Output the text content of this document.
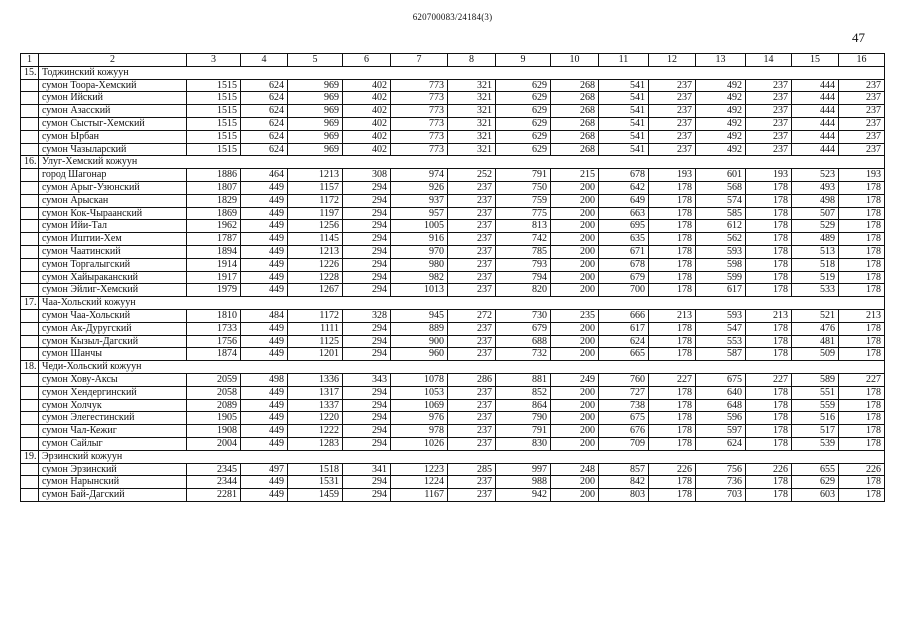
620700083/24184(3)
47
1	2	3	4	5	6	7	8	9	10	11	12	13	14	15	16
15.	Тоджинский кожуун														
	сумон Тоора-Хемский	1515	624	969	402	773	321	629	268	541	237	492	237	444	237
	сумон Ийский	1515	624	969	402	773	321	629	268	541	237	492	237	444	237
	сумон Азасский	1515	624	969	402	773	321	629	268	541	237	492	237	444	237
	сумон Сыстыг-Хемский	1515	624	969	402	773	321	629	268	541	237	492	237	444	237
	сумон Ырбан	1515	624	969	402	773	321	629	268	541	237	492	237	444	237
	сумон Чазыларский	1515	624	969	402	773	321	629	268	541	237	492	237	444	237
16.	Улуг-Хемский кожуун														
	город Шагонар	1886	464	1213	308	974	252	791	215	678	193	601	193	523	193
	сумон Арыг-Узюнский	1807	449	1157	294	926	237	750	200	642	178	568	178	493	178
	сумон Арыскан	1829	449	1172	294	937	237	759	200	649	178	574	178	498	178
	сумон Кок-Чыраанский	1869	449	1197	294	957	237	775	200	663	178	585	178	507	178
	сумон Ийи-Тал	1962	449	1256	294	1005	237	813	200	695	178	612	178	529	178
	сумон Иштии-Хем	1787	449	1145	294	916	237	742	200	635	178	562	178	489	178
	сумон Чаатинский	1894	449	1213	294	970	237	785	200	671	178	593	178	513	178
	сумон Торгалыгский	1914	449	1226	294	980	237	793	200	678	178	598	178	518	178
	сумон Хайыраканский	1917	449	1228	294	982	237	794	200	679	178	599	178	519	178
	сумон Эйлиг-Хемский	1979	449	1267	294	1013	237	820	200	700	178	617	178	533	178
17.	Чаа-Хольский кожуун														
	сумон Чаа-Хольский	1810	484	1172	328	945	272	730	235	666	213	593	213	521	213
	сумон Ак-Дуругский	1733	449	1111	294	889	237	679	200	617	178	547	178	476	178
	сумон Кызыл-Дагский	1756	449	1125	294	900	237	688	200	624	178	553	178	481	178
	сумон Шанчы	1874	449	1201	294	960	237	732	200	665	178	587	178	509	178
18.	Чеди-Хольский кожуун														
	сумон Хову-Аксы	2059	498	1336	343	1078	286	881	249	760	227	675	227	589	227
	сумон Хендергинский	2058	449	1317	294	1053	237	852	200	727	178	640	178	551	178
	сумон Холчук	2089	449	1337	294	1069	237	864	200	738	178	648	178	559	178
	сумон Элегестинский	1905	449	1220	294	976	237	790	200	675	178	596	178	516	178
	сумон Чал-Кежиг	1908	449	1222	294	978	237	791	200	676	178	597	178	517	178
	сумон Сайлыг	2004	449	1283	294	1026	237	830	200	709	178	624	178	539	178
19.	Эрзинский кожуун														
	сумон Эрзинский	2345	497	1518	341	1223	285	997	248	857	226	756	226	655	226
	сумон Нарынский	2344	449	1531	294	1224	237	988	200	842	178	736	178	629	178
	сумон Бай-Дагский	2281	449	1459	294	1167	237	942	200	803	178	703	178	603	178
